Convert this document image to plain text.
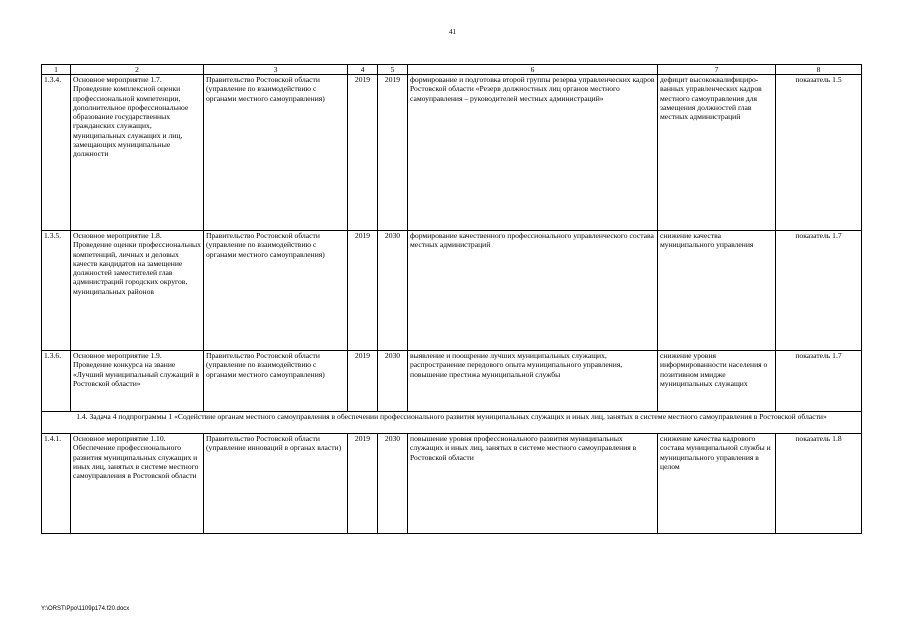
41
1	2	3	4	5	6	7	8
1.3.4.	Основное мероприятие 1.7. Проведение комплексной оценки профессиональной компетенции, дополнительное профессиональное образование государственных гражданских служащих, муниципальных служащих и лиц, замещающих муниципальные должности	Правительство Ростовской области (управление по взаимодействию с органами местного самоуправления)	2019	2019	формирование и подготовка второй группы резерва управленческих кадров Ростовской области «Резерв должностных лиц органов местного самоуправления – руководителей местных администраций»	дефицит высококвалифициро-ванных управленческих кадров местного самоуправления для замещения должностей глав местных администраций	показатель 1.5
1.3.5.	Основное мероприятие 1.8. Проведение оценки профессиональных компетенций, личных и деловых качеств кандидатов на замещение должностей заместителей глав администраций городских округов, муниципальных районов	Правительство Ростовской области (управление по взаимодействию с органами местного самоуправления)	2019	2030	формирование качественного профессионального управленческого состава местных администраций	снижение качества муниципального управления	показатель 1.7
1.3.6.	Основное мероприятие 1.9. Проведение конкурса на звание «Лучший муниципальный служащий в Ростовской области»	Правительство Ростовской области (управление по взаимодействию с органами местного самоуправления)	2019	2030	выявление и поощрение лучших муниципальных служащих, распространение передового опыта муниципального управления, повышение престижа муниципальной службы	снижение уровня информированности населения о позитивном имидже муниципальных служащих	показатель 1.7
1.4. Задача 4 подпрограммы 1 «Содействие органам местного самоуправления в обеспечении профессионального развития муниципальных служащих и иных лиц, занятых в системе местного самоуправления в Ростовской области»							
1.4.1.	Основное мероприятие 1.10. Обеспечение профессионального развития муниципальных служащих и иных лиц, занятых в системе местного самоуправления в Ростовской области	Правительство Ростовской области (управление инноваций в органах власти)	2019	2030	повышение уровня профессионального развития муниципальных служащих и иных лиц, занятых в системе местного самоуправления в Ростовской области	снижение качества кадрового состава муниципальной службы и муниципального управления в целом	показатель 1.8
Y:\ORST\Ppo\1109p174.f20.docx
